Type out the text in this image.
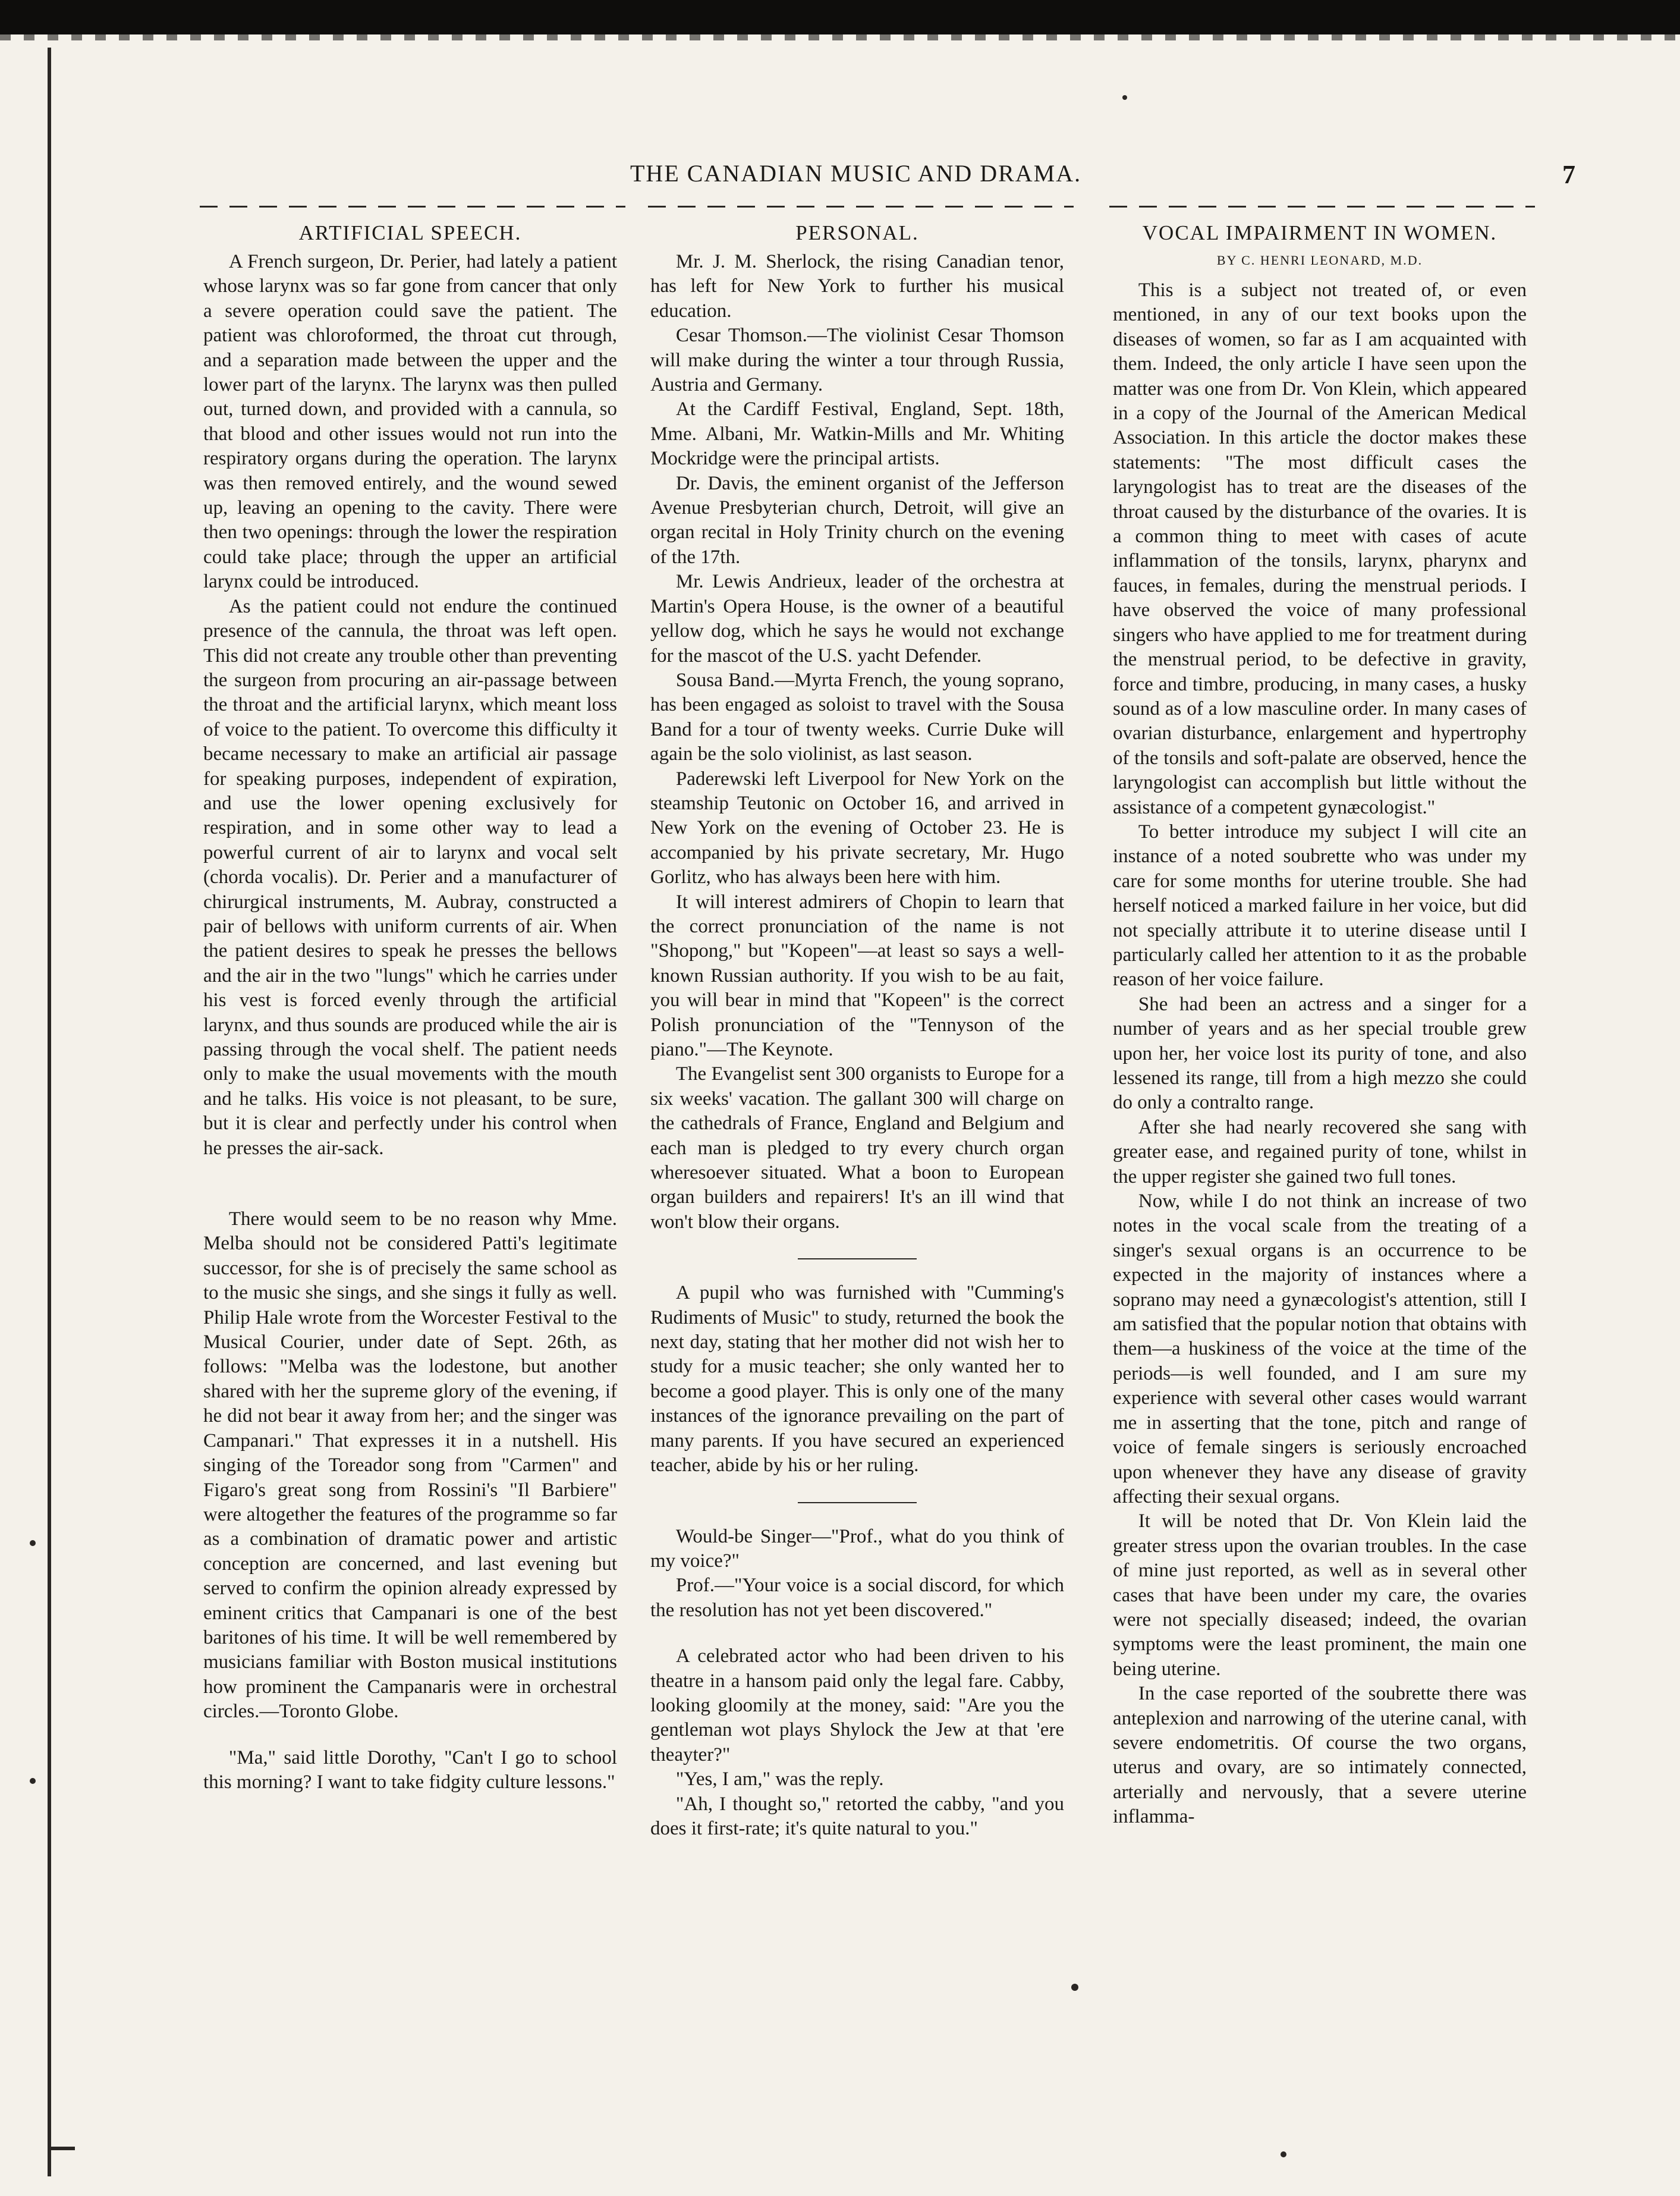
THE CANADIAN MUSIC AND DRAMA.	7
ARTIFICIAL SPEECH.

A French surgeon, Dr. Perier, had lately a patient whose larynx was so far gone from cancer that only a severe operation could save the patient. The patient was chloroformed, the throat cut through, and a separation made between the upper and the lower part of the larynx. The larynx was then pulled out, turned down, and provided with a cannula, so that blood and other issues would not run into the respiratory organs during the operation. The larynx was then removed entirely, and the wound sewed up, leaving an opening to the cavity. There were then two openings: through the lower the respiration could take place; through the upper an artificial larynx could be introduced.

As the patient could not endure the continued presence of the cannula, the throat was left open. This did not create any trouble other than preventing the surgeon from procuring an air-passage between the throat and the artificial larynx, which meant loss of voice to the patient. To overcome this difficulty it became necessary to make an artificial air passage for speaking purposes, independent of expiration, and use the lower opening exclusively for respiration, and in some other way to lead a powerful current of air to larynx and vocal selt (chorda vocalis). Dr. Perier and a manufacturer of chirurgical instruments, M. Aubray, constructed a pair of bellows with uniform currents of air. When the patient desires to speak he presses the bellows and the air in the two "lungs" which he carries under his vest is forced evenly through the artificial larynx, and thus sounds are produced while the air is passing through the vocal shelf. The patient needs only to make the usual movements with the mouth and he talks. His voice is not pleasant, to be sure, but it is clear and perfectly under his control when he presses the air-sack.

There would seem to be no reason why Mme. Melba should not be considered Patti's legitimate successor, for she is of precisely the same school as to the music she sings, and she sings it fully as well. Philip Hale wrote from the Worcester Festival to the Musical Courier, under date of Sept. 26th, as follows: "Melba was the lodestone, but another shared with her the supreme glory of the evening, if he did not bear it away from her; and the singer was Campanari." That expresses it in a nutshell. His singing of the Toreador song from "Carmen" and Figaro's great song from Rossini's "Il Barbiere" were altogether the features of the programme so far as a combination of dramatic power and artistic conception are concerned, and last evening but served to confirm the opinion already expressed by eminent critics that Campanari is one of the best baritones of his time. It will be well remembered by musicians familiar with Boston musical institutions how prominent the Campanaris were in orchestral circles.—Toronto Globe.

"Ma," said little Dorothy, "Can't I go to school this morning? I want to take fidgity culture lessons."

PERSONAL.

Mr. J. M. Sherlock, the rising Canadian tenor, has left for New York to further his musical education.

Cesar Thomson.—The violinist Cesar Thomson will make during the winter a tour through Russia, Austria and Germany.

At the Cardiff Festival, England, Sept. 18th, Mme. Albani, Mr. Watkin-Mills and Mr. Whiting Mockridge were the principal artists.

Dr. Davis, the eminent organist of the Jefferson Avenue Presbyterian church, Detroit, will give an organ recital in Holy Trinity church on the evening of the 17th.

Mr. Lewis Andrieux, leader of the orchestra at Martin's Opera House, is the owner of a beautiful yellow dog, which he says he would not exchange for the mascot of the U.S. yacht Defender.

Sousa Band.—Myrta French, the young soprano, has been engaged as soloist to travel with the Sousa Band for a tour of twenty weeks. Currie Duke will again be the solo violinist, as last season.

Paderewski left Liverpool for New York on the steamship Teutonic on October 16, and arrived in New York on the evening of October 23. He is accompanied by his private secretary, Mr. Hugo Gorlitz, who has always been here with him.

It will interest admirers of Chopin to learn that the correct pronunciation of the name is not "Shopong," but "Kopeen"—at least so says a well-known Russian authority. If you wish to be au fait, you will bear in mind that "Kopeen" is the correct Polish pronunciation of the "Tennyson of the piano."—The Keynote.

The Evangelist sent 300 organists to Europe for a six weeks' vacation. The gallant 300 will charge on the cathedrals of France, England and Belgium and each man is pledged to try every church organ wheresoever situated. What a boon to European organ builders and repairers! It's an ill wind that won't blow their organs.

A pupil who was furnished with "Cumming's Rudiments of Music" to study, returned the book the next day, stating that her mother did not wish her to study for a music teacher; she only wanted her to become a good player. This is only one of the many instances of the ignorance prevailing on the part of many parents. If you have secured an experienced teacher, abide by his or her ruling.

Would-be Singer—"Prof., what do you think of my voice?"

Prof.—"Your voice is a social discord, for which the resolution has not yet been discovered."

A celebrated actor who had been driven to his theatre in a hansom paid only the legal fare. Cabby, looking gloomily at the money, said: "Are you the gentleman wot plays Shylock the Jew at that 'ere theayter?"

"Yes, I am," was the reply.

"Ah, I thought so," retorted the cabby, "and you does it first-rate; it's quite natural to you."

VOCAL IMPAIRMENT IN WOMEN.
BY C. HENRI LEONARD, M.D.

This is a subject not treated of, or even mentioned, in any of our text books upon the diseases of women, so far as I am acquainted with them. Indeed, the only article I have seen upon the matter was one from Dr. Von Klein, which appeared in a copy of the Journal of the American Medical Association. In this article the doctor makes these statements: "The most difficult cases the laryngologist has to treat are the diseases of the throat caused by the disturbance of the ovaries. It is a common thing to meet with cases of acute inflammation of the tonsils, larynx, pharynx and fauces, in females, during the menstrual periods. I have observed the voice of many professional singers who have applied to me for treatment during the menstrual period, to be defective in gravity, force and timbre, producing, in many cases, a husky sound as of a low masculine order. In many cases of ovarian disturbance, enlargement and hypertrophy of the tonsils and soft-palate are observed, hence the laryngologist can accomplish but little without the assistance of a competent gynæcologist."

To better introduce my subject I will cite an instance of a noted soubrette who was under my care for some months for uterine trouble. She had herself noticed a marked failure in her voice, but did not specially attribute it to uterine disease until I particularly called her attention to it as the probable reason of her voice failure.

She had been an actress and a singer for a number of years and as her special trouble grew upon her, her voice lost its purity of tone, and also lessened its range, till from a high mezzo she could do only a contralto range.

After she had nearly recovered she sang with greater ease, and regained purity of tone, whilst in the upper register she gained two full tones.

Now, while I do not think an increase of two notes in the vocal scale from the treating of a singer's sexual organs is an occurrence to be expected in the majority of instances where a soprano may need a gynæcologist's attention, still I am satisfied that the popular notion that obtains with them—a huskiness of the voice at the time of the periods—is well founded, and I am sure my experience with several other cases would warrant me in asserting that the tone, pitch and range of voice of female singers is seriously encroached upon whenever they have any disease of gravity affecting their sexual organs.

It will be noted that Dr. Von Klein laid the greater stress upon the ovarian troubles. In the case of mine just reported, as well as in several other cases that have been under my care, the ovaries were not specially diseased; indeed, the ovarian symptoms were the least prominent, the main one being uterine.

In the case reported of the soubrette there was anteplexion and narrowing of the uterine canal, with severe endometritis. Of course the two organs, uterus and ovary, are so intimately connected, arterially and nervously, that a severe uterine inflamma-
